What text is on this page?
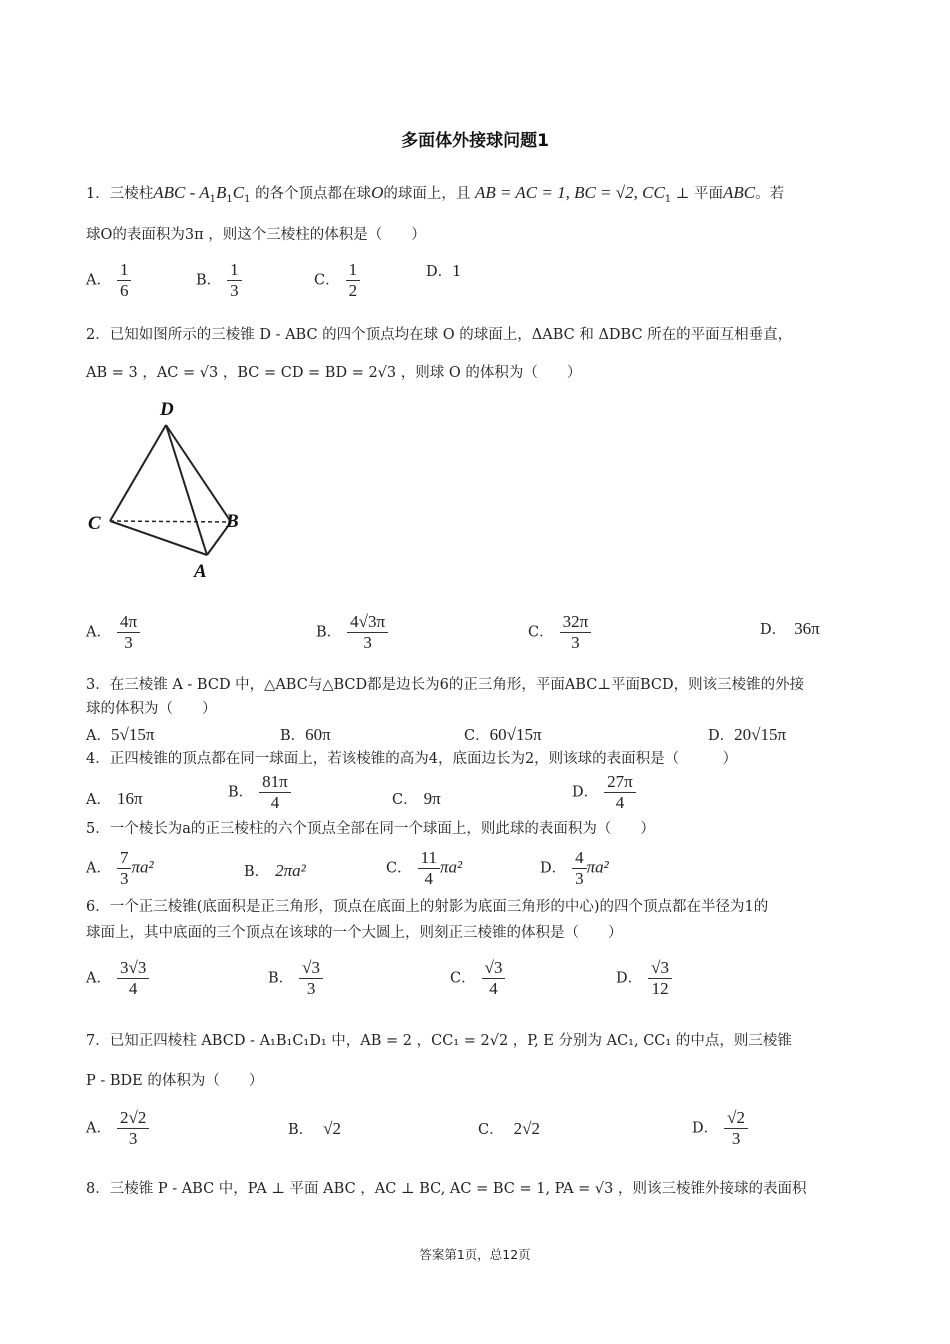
多面体外接球问题1
1．三棱柱ABC - $A_1B_1C_1$ 的各个顶点都在球O的球面上，且 AB = AC = 1, BC = √2, $CC_1$ ⊥ 平面ABC。若
球O的表面积为3π ，则这个三棱柱的体积是（　　）
A． $\frac{1}{6}$	B． $\frac{1}{3}$	C． $\frac{1}{2}$	D．1
2．已知如图所示的三棱锥 D - ABC 的四个顶点均在球 O 的球面上，ΔABC 和 ΔDBC 所在的平面互相垂直，
AB = 3 ，AC = √3 ，BC = CD = BD = 2√3 ，则球 O 的体积为（　　）
D
C	B
A
A． $\frac{4\pi}{3}$	B． $\frac{4√3\pi}{3}$	C． $\frac{32\pi}{3}$	D． 36π
3．在三棱锥 A - BCD 中，△ABC与△BCD都是边长为6的正三角形，平面ABC⊥平面BCD，则该三棱锥的外接
球的体积为（　　）
A．5√15π	B．60π	C．60√15π	D．20√15π
4．正四棱锥的顶点都在同一球面上，若该棱锥的高为4，底面边长为2，则该球的表面积是（　　　）
A． 16π	B． $\frac{81\pi}{4}$	C． 9π	D． $\frac{27\pi}{4}$
5．一个棱长为a的正三棱柱的六个顶点全部在同一个球面上，则此球的表面积为（　　）
A． $\frac{7}{3} \pi a^2$	B． 2πa²	C． $\frac{11}{4} \pi a^2$	D． $\frac{4}{3} \pi a^2$
6．一个正三棱锥(底面积是正三角形，顶点在底面上的射影为底面三角形的中心)的四个顶点都在半径为1的
球面上，其中底面的三个顶点在该球的一个大圆上，则刻正三棱锥的体积是（　　）
A． $\frac{3√3}{4}$	B． $\frac{√3}{3}$	C． $\frac{√3}{4}$	D． $\frac{√3}{12}$
7．已知正四棱柱 ABCD - A₁B₁C₁D₁ 中，AB = 2 ，CC₁ = 2√2 ，P, E 分别为 AC₁, CC₁ 的中点，则三棱锥
P - BDE 的体积为（　　）
A． $\frac{2√2}{3}$	B． √2	C． 2√2	D． $\frac{√2}{3}$
8．三棱锥 P - ABC 中，PA ⊥ 平面 ABC ，AC ⊥ BC, AC = BC = 1, PA = √3 ，则该三棱锥外接球的表面积
答案第1页，总12页
